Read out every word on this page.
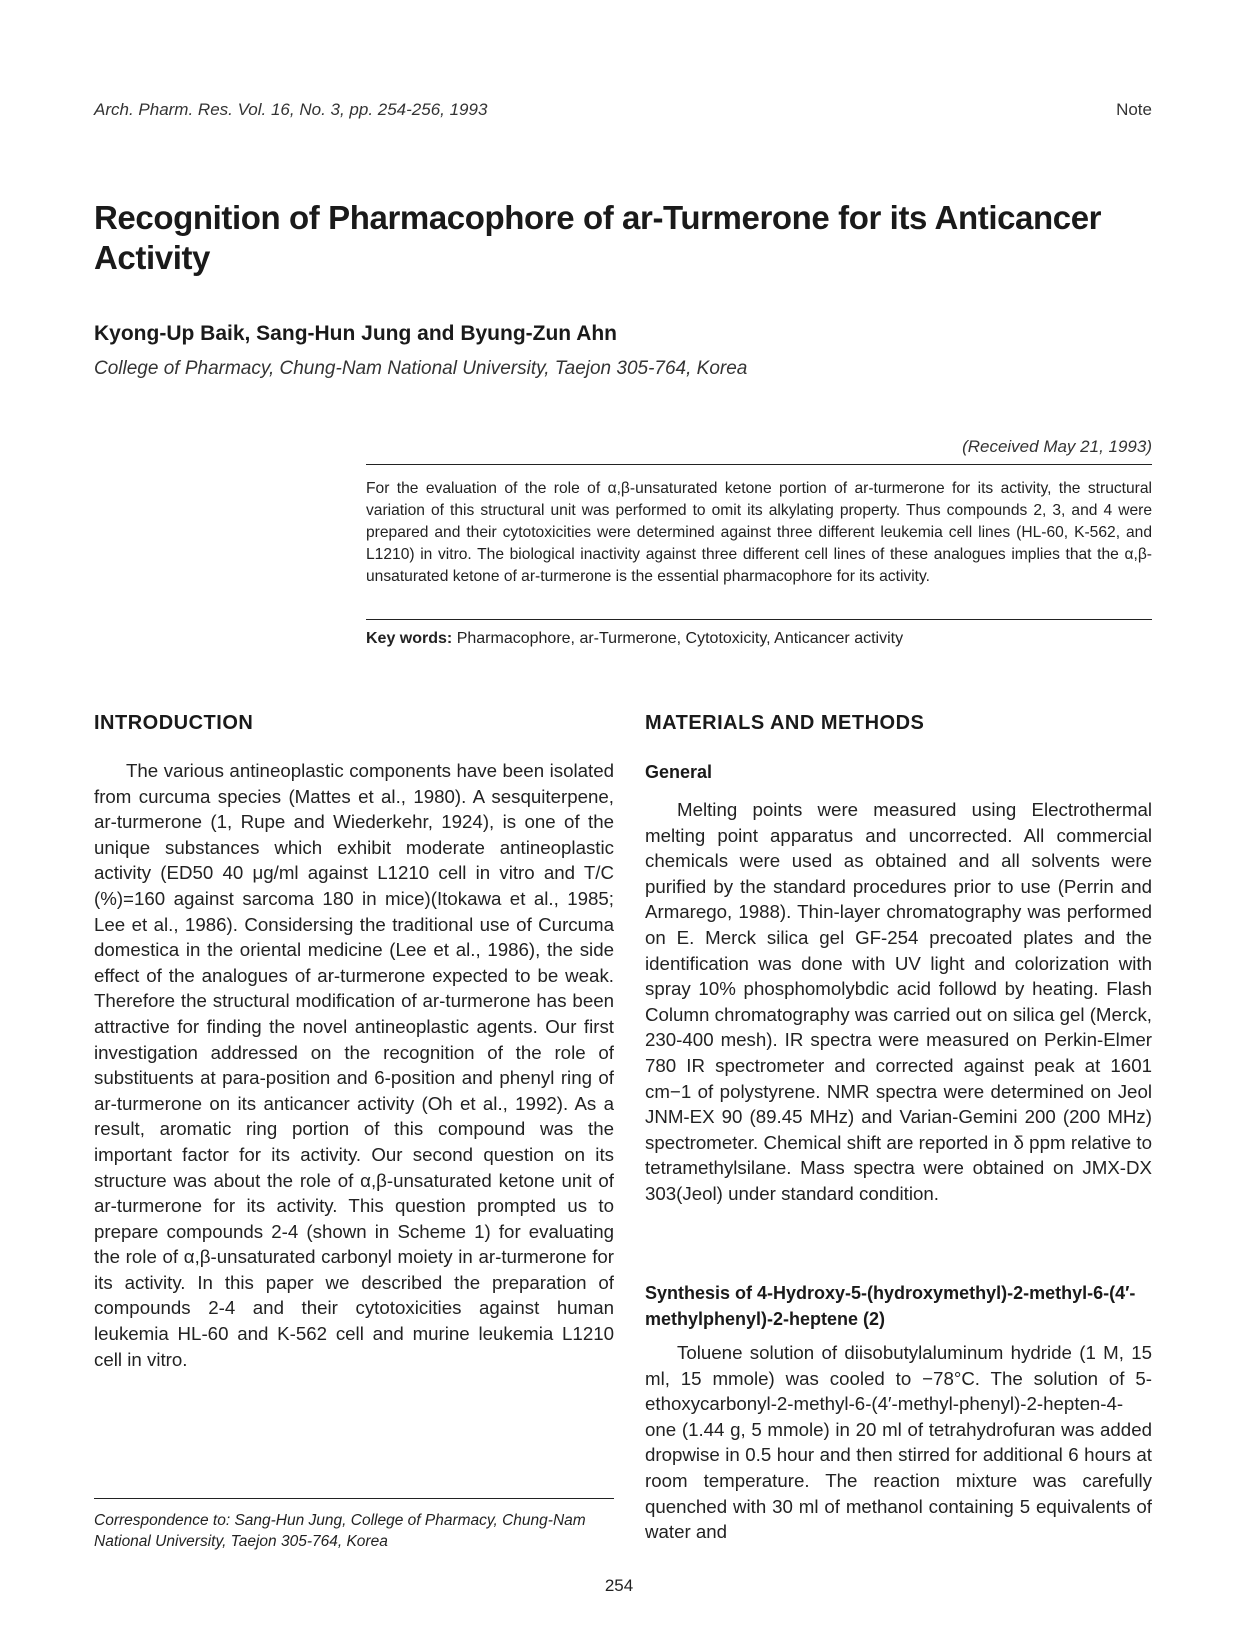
Arch. Pharm. Res. Vol. 16, No. 3, pp. 254-256, 1993	Note
Recognition of Pharmacophore of ar-Turmerone for its Anticancer Activity
Kyong-Up Baik, Sang-Hun Jung and Byung-Zun Ahn
College of Pharmacy, Chung-Nam National University, Taejon 305-764, Korea
(Received May 21, 1993)
For the evaluation of the role of α,β-unsaturated ketone portion of ar-turmerone for its activity, the structural variation of this structural unit was performed to omit its alkylating property. Thus compounds 2, 3, and 4 were prepared and their cytotoxicities were determined against three different leukemia cell lines (HL-60, K-562, and L1210) in vitro. The biological inactivity against three different cell lines of these analogues implies that the α,β-unsaturated ketone of ar-turmerone is the essential pharmacophore for its activity.
Key words: Pharmacophore, ar-Turmerone, Cytotoxicity, Anticancer activity
INTRODUCTION

The various antineoplastic components have been isolated from curcuma species (Mattes et al., 1980). A sesquiterpene, ar-turmerone (1, Rupe and Wiederkehr, 1924), is one of the unique substances which exhibit moderate antineoplastic activity (ED50 40 μg/ml against L1210 cell in vitro and T/C (%)=160 against sarcoma 180 in mice)(Itokawa et al., 1985; Lee et al., 1986). Considersing the traditional use of Curcuma domestica in the oriental medicine (Lee et al., 1986), the side effect of the analogues of ar-turmerone expected to be weak. Therefore the structural modification of ar-turmerone has been attractive for finding the novel antineoplastic agents. Our first investigation addressed on the recognition of the role of substituents at para-position and 6-position and phenyl ring of ar-turmerone on its anticancer activity (Oh et al., 1992). As a result, aromatic ring portion of this compound was the important factor for its activity. Our second question on its structure was about the role of α,β-unsaturated ketone unit of ar-turmerone for its activity. This question prompted us to prepare compounds 2-4 (shown in Scheme 1) for evaluating the role of α,β-unsaturated carbonyl moiety in ar-turmerone for its activity. In this paper we described the preparation of compounds 2-4 and their cytotoxicities against human leukemia HL-60 and K-562 cell and murine leukemia L1210 cell in vitro.

Correspondence to: Sang-Hun Jung, College of Pharmacy, Chung-Nam National University, Taejon 305-764, Korea
MATERIALS AND METHODS
General

Melting points were measured using Electrothermal melting point apparatus and uncorrected. All commercial chemicals were used as obtained and all solvents were purified by the standard procedures prior to use (Perrin and Armarego, 1988). Thin-layer chromatography was performed on E. Merck silica gel GF-254 precoated plates and the identification was done with UV light and colorization with spray 10% phosphomolybdic acid followd by heating. Flash Column chromatography was carried out on silica gel (Merck, 230-400 mesh). IR spectra were measured on Perkin-Elmer 780 IR spectrometer and corrected against peak at 1601 cm−1 of polystyrene. NMR spectra were determined on Jeol JNM-EX 90 (89.45 MHz) and Varian-Gemini 200 (200 MHz) spectrometer. Chemical shift are reported in δ ppm relative to tetramethylsilane. Mass spectra were obtained on JMX-DX 303(Jeol) under standard condition.

Synthesis of 4-Hydroxy-5-(hydroxymethyl)-2-methyl-6-(4′-methylphenyl)-2-heptene (2)

Toluene solution of diisobutylaluminum hydride (1 M, 15 ml, 15 mmole) was cooled to −78°C. The solution of 5-ethoxycarbonyl-2-methyl-6-(4′-methyl-phenyl)-2-hepten-4-one (1.44 g, 5 mmole) in 20 ml of tetrahydrofuran was added dropwise in 0.5 hour and then stirred for additional 6 hours at room temperature. The reaction mixture was carefully quenched with 30 ml of methanol containing 5 equivalents of water and

254
